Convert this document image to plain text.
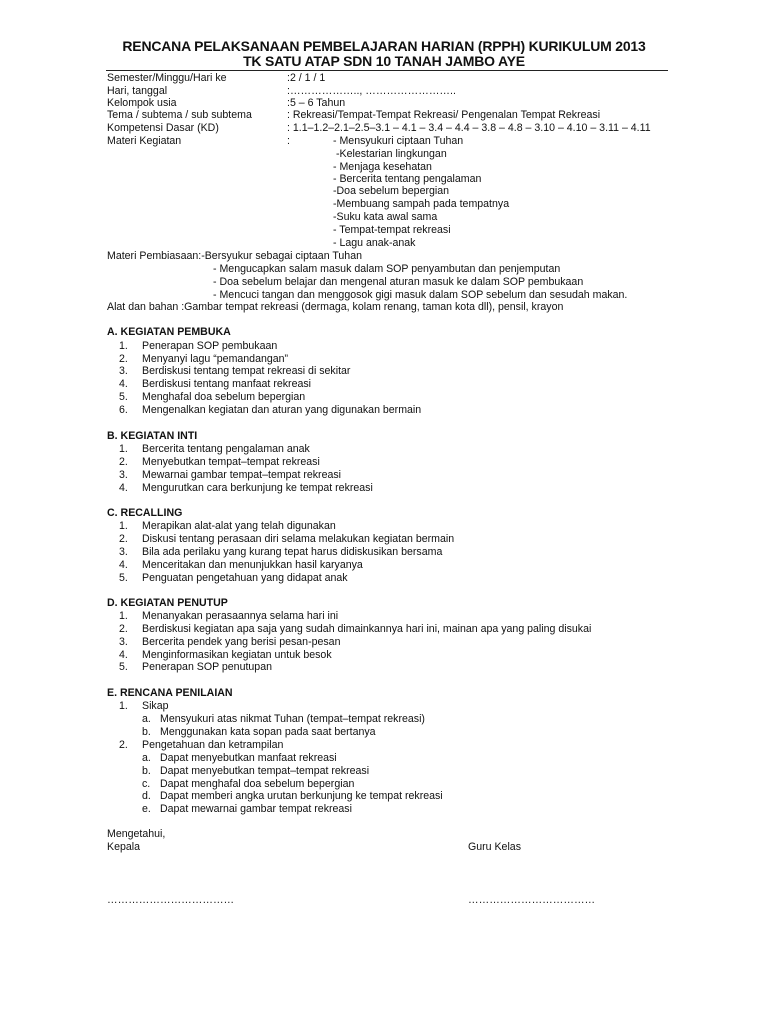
RENCANA PELAKSANAAN PEMBELAJARAN HARIAN (RPPH) KURIKULUM 2013
TK SATU ATAP SDN 10 TANAH JAMBO AYE
Semester/Minggu/Hari ke	:2 / 1 / 1
Hari, tanggal	:……………….., ……………………..
Kelompok usia	:5 – 6 Tahun
Tema / subtema / sub subtema	: Rekreasi/Tempat-Tempat Rekreasi/ Pengenalan Tempat Rekreasi
Kompetensi Dasar (KD)	: 1.1–1.2–2.1–2.5–3.1 – 4.1 – 3.4 – 4.4 – 3.8 – 4.8 – 3.10 – 4.10 – 3.11 – 4.11
Materi Kegiatan	:	- Mensyukuri ciptaan Tuhan
-Kelestarian lingkungan
- Menjaga kesehatan
- Bercerita tentang pengalaman
-Doa sebelum bepergian
-Membuang sampah pada tempatnya
-Suku kata awal sama
- Tempat-tempat rekreasi
- Lagu anak-anak
Materi Pembiasaan:-Bersyukur sebagai ciptaan Tuhan
- Mengucapkan salam masuk dalam SOP penyambutan dan penjemputan
- Doa sebelum belajar dan mengenal aturan masuk ke dalam SOP pembukaan
- Mencuci tangan dan menggosok gigi masuk dalam SOP sebelum dan sesudah makan.
Alat dan bahan :Gambar tempat rekreasi (dermaga, kolam renang, taman kota dll), pensil, krayon
A. KEGIATAN PEMBUKA
1. Penerapan SOP pembukaan
2. Menyanyi lagu “pemandangan”
3. Berdiskusi tentang tempat rekreasi di sekitar
4. Berdiskusi tentang manfaat rekreasi
5. Menghafal doa sebelum bepergian
6. Mengenalkan kegiatan dan aturan yang digunakan bermain
B. KEGIATAN INTI
1. Bercerita tentang pengalaman anak
2. Menyebutkan tempat–tempat rekreasi
3. Mewarnai gambar tempat–tempat rekreasi
4. Mengurutkan cara berkunjung ke tempat rekreasi
C. RECALLING
1. Merapikan alat-alat yang telah digunakan
2. Diskusi tentang perasaan diri selama melakukan kegiatan bermain
3. Bila ada perilaku yang kurang tepat harus didiskusikan bersama
4. Menceritakan dan menunjukkan hasil karyanya
5. Penguatan pengetahuan yang didapat anak
D. KEGIATAN PENUTUP
1. Menanyakan perasaannya selama hari ini
2. Berdiskusi kegiatan apa saja yang sudah dimainkannya hari ini, mainan apa yang paling disukai
3. Bercerita pendek yang berisi pesan-pesan
4. Menginformasikan kegiatan untuk besok
5. Penerapan SOP penutupan
E. RENCANA PENILAIAN
1. Sikap
a. Mensyukuri atas nikmat Tuhan (tempat–tempat rekreasi)
b. Menggunakan kata sopan pada saat bertanya
2. Pengetahuan dan ketrampilan
a. Dapat menyebutkan manfaat rekreasi
b. Dapat menyebutkan tempat–tempat rekreasi
c. Dapat menghafal doa sebelum bepergian
d. Dapat memberi angka urutan berkunjung ke tempat rekreasi
e. Dapat mewarnai gambar tempat rekreasi
Mengetahui,
Kepala	Guru Kelas
………………………………	………………………………
